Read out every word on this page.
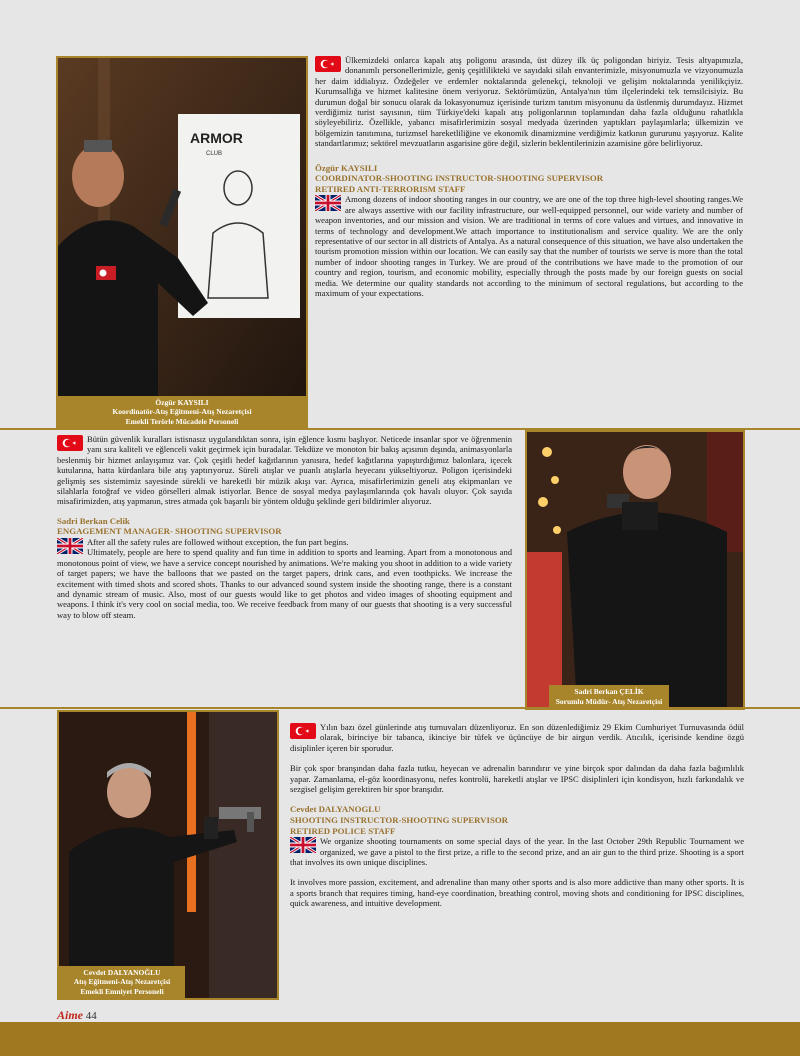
ARMOR
CLUB
Özgür KAYSILI
Koordinatör-Atış Eğitmeni-Atış Nezaretçisi
Emekli Terörle Mücadele Personeli

Ülkemizdeki onlarca kapalı atış poligonu arasında, üst düzey ilk üç poligondan biriyiz. Tesis altyapımızla, donanımlı personellerimizle, geniş çeşitlilikteki ve sayıdaki silah envanterimizle, misyonumuzla ve vizyonumuzla her daim iddialıyız. Özdeğeler ve erdemler noktalarında gelenekçi, teknoloji ve gelişim noktalarında yenilikçiyiz. Kurumsallığa ve hizmet kalitesine önem veriyoruz. Sektörümüzün, Antalya'nın tüm ilçelerindeki tek temsilcisiyiz. Bu durumun doğal bir sonucu olarak da lokasyonumuz içerisinde turizm tanıtım misyonunu da üstlenmiş durumdayız. Hizmet verdiğimiz turist sayısının, tüm Türkiye'deki kapalı atış poligonlarının toplamından daha fazla olduğunu rahatlıkla söyleyebiliriz. Özellikle, yabancı misafirlerimizin sosyal medyada üzerinden yaptıkları paylaşımlarla; ülkemizin ve bölgemizin tanıtımına, turizmsel hareketliliğine ve ekonomik dinamizmine verdiğimiz katkının gururunu yaşıyoruz. Kalite standartlarımız; sektörel mevzuatların asgarisine göre değil, sizlerin beklentilerinizin azamisine göre belirliyoruz.

Özgür KAYSILI
COORDINATOR-SHOOTING INSTRUCTOR-SHOOTING SUPERVISOR
RETIRED ANTI-TERRORISM STAFF

Among dozens of indoor shooting ranges in our country, we are one of the top three high-level shooting ranges.We are always assertive with our facility infrastructure, our well-equipped personnel, our wide variety and number of weapon inventories, and our mission and vision. We are traditional in terms of core values and virtues, and innovative in terms of technology and development.We attach importance to institutionalism and service quality. We are the only representative of our sector in all districts of Antalya. As a natural consequence of this situation, we have also undertaken the tourism promotion mission within our location. We can easily say that the number of tourists we serve is more than the total number of indoor shooting ranges in Turkey. We are proud of the contributions we have made to the promotion of our country and region, tourism, and economic mobility, especially through the posts made by our foreign guests on social media. We determine our quality standards not according to the minimum of sectoral regulations, but according to the maximum of your expectations.

Bütün güvenlik kuralları istisnasız uygulandıktan sonra, işin eğlence kısmı başlıyor. Neticede insanlar spor ve öğrenmenin yanı sıra kaliteli ve eğlenceli vakit geçirmek için buradalar. Tekdüze ve monoton bir bakış açısının dışında, animasyonlarla beslenmiş bir hizmet anlayışımız var. Çok çeşitli hedef kağıtlarının yanısıra, hedef kağıtlarına yapıştırdığımız balonlara, içecek kutularına, hatta kürdanlara bile atış yaptırıyoruz. Süreli atışlar ve puanlı atışlarla heyecanı yükseltiyoruz. Poligon içerisindeki gelişmiş ses sistemimiz sayesinde sürekli ve hareketli bir müzik akışı var. Ayrıca, misafirlerimizin geneli atış ekipmanları ve silahlarla fotoğraf ve video görselleri almak istiyorlar. Bence de sosyal medya paylaşımlarında çok havalı oluyor. Çok sayıda misafirimizden, atış yapmanın, stres atmada çok başarılı bir yöntem olduğu şeklinde geri bildirimler alıyoruz.

Sadri Berkan Celik
ENGAGEMENT MANAGER- SHOOTING SUPERVISOR

After all the safety rules are followed without exception, the fun part begins.
Ultimately, people are here to spend quality and fun time in addition to sports and learning. Apart from a monotonous and monotonous point of view, we have a service concept nourished by animations. We're making you shoot in addition to a wide variety of target papers; we have the balloons that we pasted on the target papers, drink cans, and even toothpicks. We increase the excitement with timed shots and scored shots. Thanks to our advanced sound system inside the shooting range, there is a constant and dynamic stream of music. Also, most of our guests would like to get photos and video images of shooting equipment and weapons. I think it's very cool on social media, too. We receive feedback from many of our guests that shooting is a very successful way to blow off steam.

Sadri Berkan ÇELİK
Sorumlu Müdür- Atış Nezaretçisi
Cevdet DALYANOĞLU
Atış Eğitmeni-Atış Nezaretçisi
Emekli Emniyet Personeli

Yılın bazı özel günlerinde atış turnuvaları düzenliyoruz. En son düzenlediğimiz 29 Ekim Cumhuriyet Turnuvasında ödül olarak, birinciye bir tabanca, ikinciye bir tüfek ve üçüncüye de bir airgun verdik. Atıcılık, içerisinde kendine özgü disiplinler içeren bir sporudur.

Bir çok spor branşından daha fazla tutku, heyecan ve adrenalin barındırır ve yine birçok spor dalından da daha fazla bağımlılık yapar. Zamanlama, el-göz koordinasyonu, nefes kontrolü, hareketli atışlar ve IPSC disiplinleri için kondisyon, hızlı farkındalık ve sezgisel gelişim gerektiren bir spor branşıdır.

Cevdet DALYANOGLU
SHOOTING INSTRUCTOR-SHOOTING SUPERVISOR
RETIRED POLICE STAFF

We organize shooting tournaments on some special days of the year. In the last October 29th Republic Tournament we organized, we gave a pistol to the first prize, a rifle to the second prize, and an air gun to the third prize. Shooting is a sport that involves its own unique disciplines.

It involves more passion, excitement, and adrenaline than many other sports and is also more addictive than many other sports. It is a sports branch that requires timing, hand-eye coordination, breathing control, moving shots and conditioning for IPSC disciplines, quick awareness, and intuitive development.

Aime 44
